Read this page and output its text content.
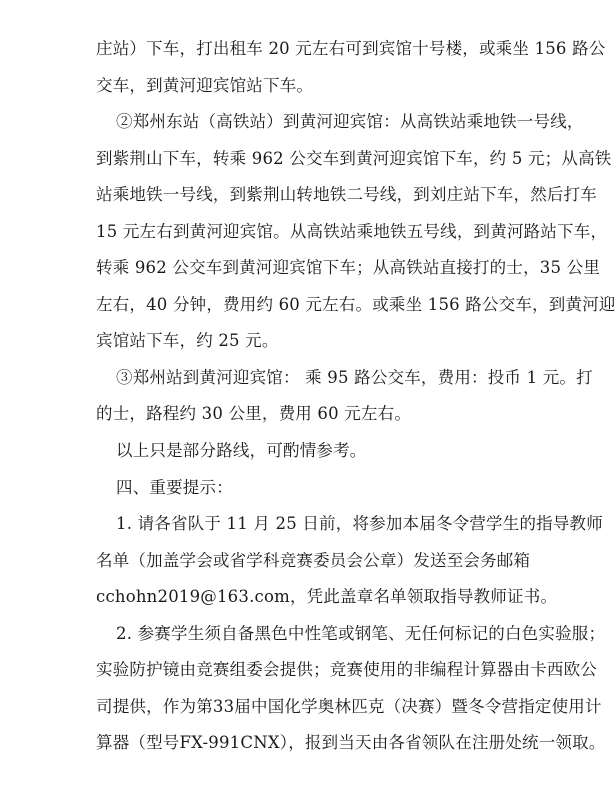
庄站）下车，打出租车 20 元左右可到宾馆十号楼，或乘坐 156 路公
交车，到黄河迎宾馆站下车。
②郑州东站（高铁站）到黄河迎宾馆：从高铁站乘地铁一号线，
到紫荆山下车，转乘 962 公交车到黄河迎宾馆下车，约 5 元；从高铁
站乘地铁一号线，到紫荆山转地铁二号线，到刘庄站下车，然后打车
15 元左右到黄河迎宾馆。从高铁站乘地铁五号线，到黄河路站下车，
转乘 962 公交车到黄河迎宾馆下车；从高铁站直接打的士，35 公里
左右，40 分钟，费用约 60 元左右。或乘坐 156 路公交车，到黄河迎
宾馆站下车，约 25 元。
③郑州站到黄河迎宾馆： 乘 95 路公交车，费用：投币 1 元。打
的士，路程约 30 公里，费用 60 元左右。
以上只是部分路线，可酌情参考。
四、重要提示：
1. 请各省队于 11 月 25 日前，将参加本届冬令营学生的指导教师
名单（加盖学会或省学科竞赛委员会公章）发送至会务邮箱
cchohn2019@163.com，凭此盖章名单领取指导教师证书。
2. 参赛学生须自备黑色中性笔或钢笔、无任何标记的白色实验服；
实验防护镜由竞赛组委会提供；竞赛使用的非编程计算器由卡西欧公
司提供，作为第33届中国化学奥林匹克（决赛）暨冬令营指定使用计
算器（型号FX-991CNX），报到当天由各省领队在注册处统一领取。
